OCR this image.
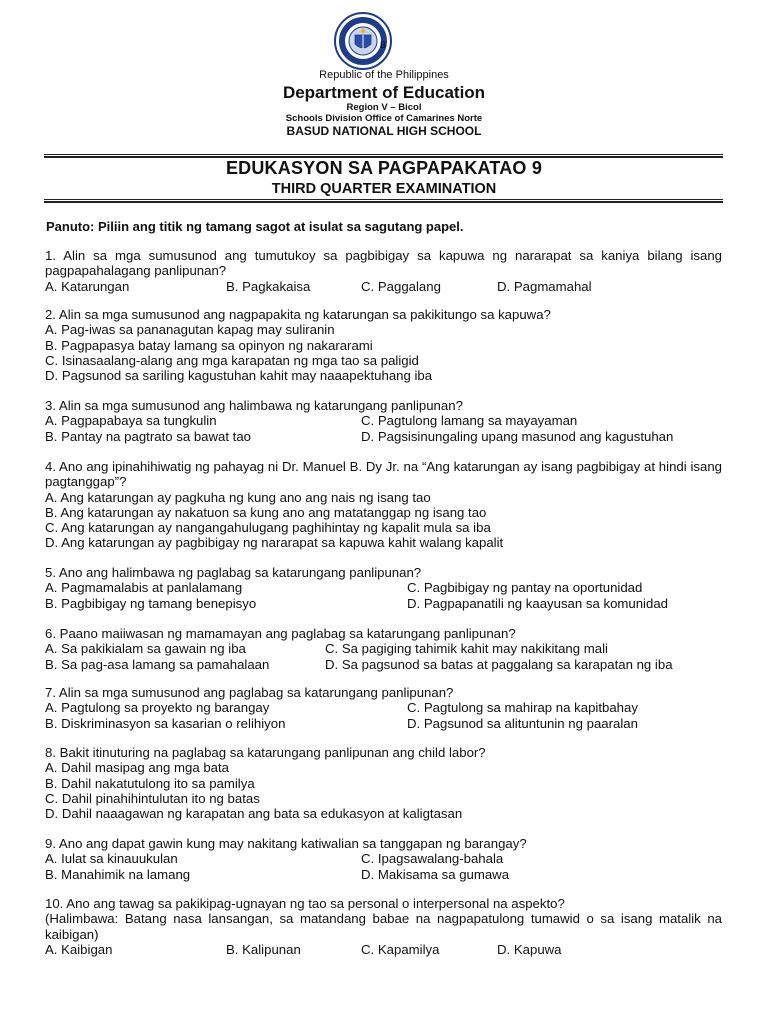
B
Republic of the Philippines
Department of Education
Region V – Bicol
Schools Division Office of Camarines Norte
BASUD NATIONAL HIGH SCHOOL
EDUKASYON SA PAGPAPAKATAO 9
THIRD QUARTER EXAMINATION
Panuto: Piliin ang titik ng tamang sagot at isulat sa sagutang papel.
1. Alin sa mga sumusunod ang tumutukoy sa pagbibigay sa kapuwa ng nararapat sa kaniya bilang isang pagpapahalagang panlipunan?
A. Katarungan	B. Pagkakaisa	C. Paggalang	D. Pagmamahal
2. Alin sa mga sumusunod ang nagpapakita ng katarungan sa pakikitungo sa kapuwa?
A. Pag-iwas sa pananagutan kapag may suliranin
B. Pagpapasya batay lamang sa opinyon ng nakararami
C. Isinasaalang-alang ang mga karapatan ng mga tao sa paligid
D. Pagsunod sa sariling kagustuhan kahit may naaapektuhang iba
3. Alin sa mga sumusunod ang halimbawa ng katarungang panlipunan?
A. Pagpapabaya sa tungkulin	C. Pagtulong lamang sa mayayaman
B. Pantay na pagtrato sa bawat tao	D. Pagsisinungaling upang masunod ang kagustuhan
4. Ano ang ipinahihiwatig ng pahayag ni Dr. Manuel B. Dy Jr. na “Ang katarungan ay isang pagbibigay at hindi isang pagtanggap”?
A. Ang katarungan ay pagkuha ng kung ano ang nais ng isang tao
B. Ang katarungan ay nakatuon sa kung ano ang matatanggap ng isang tao
C. Ang katarungan ay nangangahulugang paghihintay ng kapalit mula sa iba
D. Ang katarungan ay pagbibigay ng nararapat sa kapuwa kahit walang kapalit
5. Ano ang halimbawa ng paglabag sa katarungang panlipunan?
A. Pagmamalabis at panlalamang	C. Pagbibigay ng pantay na oportunidad
B. Pagbibigay ng tamang benepisyo	D. Pagpapanatili ng kaayusan sa komunidad
6. Paano maiiwasan ng mamamayan ang paglabag sa katarungang panlipunan?
A. Sa pakikialam sa gawain ng iba	C. Sa pagiging tahimik kahit may nakikitang mali
B. Sa pag-asa lamang sa pamahalaan	D. Sa pagsunod sa batas at paggalang sa karapatan ng iba
7. Alin sa mga sumusunod ang paglabag sa katarungang panlipunan?
A. Pagtulong sa proyekto ng barangay	C. Pagtulong sa mahirap na kapitbahay
B. Diskriminasyon sa kasarian o relihiyon	D. Pagsunod sa alituntunin ng paaralan
8. Bakit itinuturing na paglabag sa katarungang panlipunan ang child labor?
A. Dahil masipag ang mga bata
B. Dahil nakatutulong ito sa pamilya
C. Dahil pinahihintulutan ito ng batas
D. Dahil naaagawan ng karapatan ang bata sa edukasyon at kaligtasan
9. Ano ang dapat gawin kung may nakitang katiwalian sa tanggapan ng barangay?
A. Iulat sa kinauukulan	C. Ipagsawalang-bahala
B. Manahimik na lamang	D. Makisama sa gumawa
10. Ano ang tawag sa pakikipag-ugnayan ng tao sa personal o interpersonal na aspekto?
(Halimbawa: Batang nasa lansangan, sa matandang babae na nagpapatulong tumawid o sa isang matalik na kaibigan)
A. Kaibigan	B. Kalipunan	C. Kapamilya	D. Kapuwa
